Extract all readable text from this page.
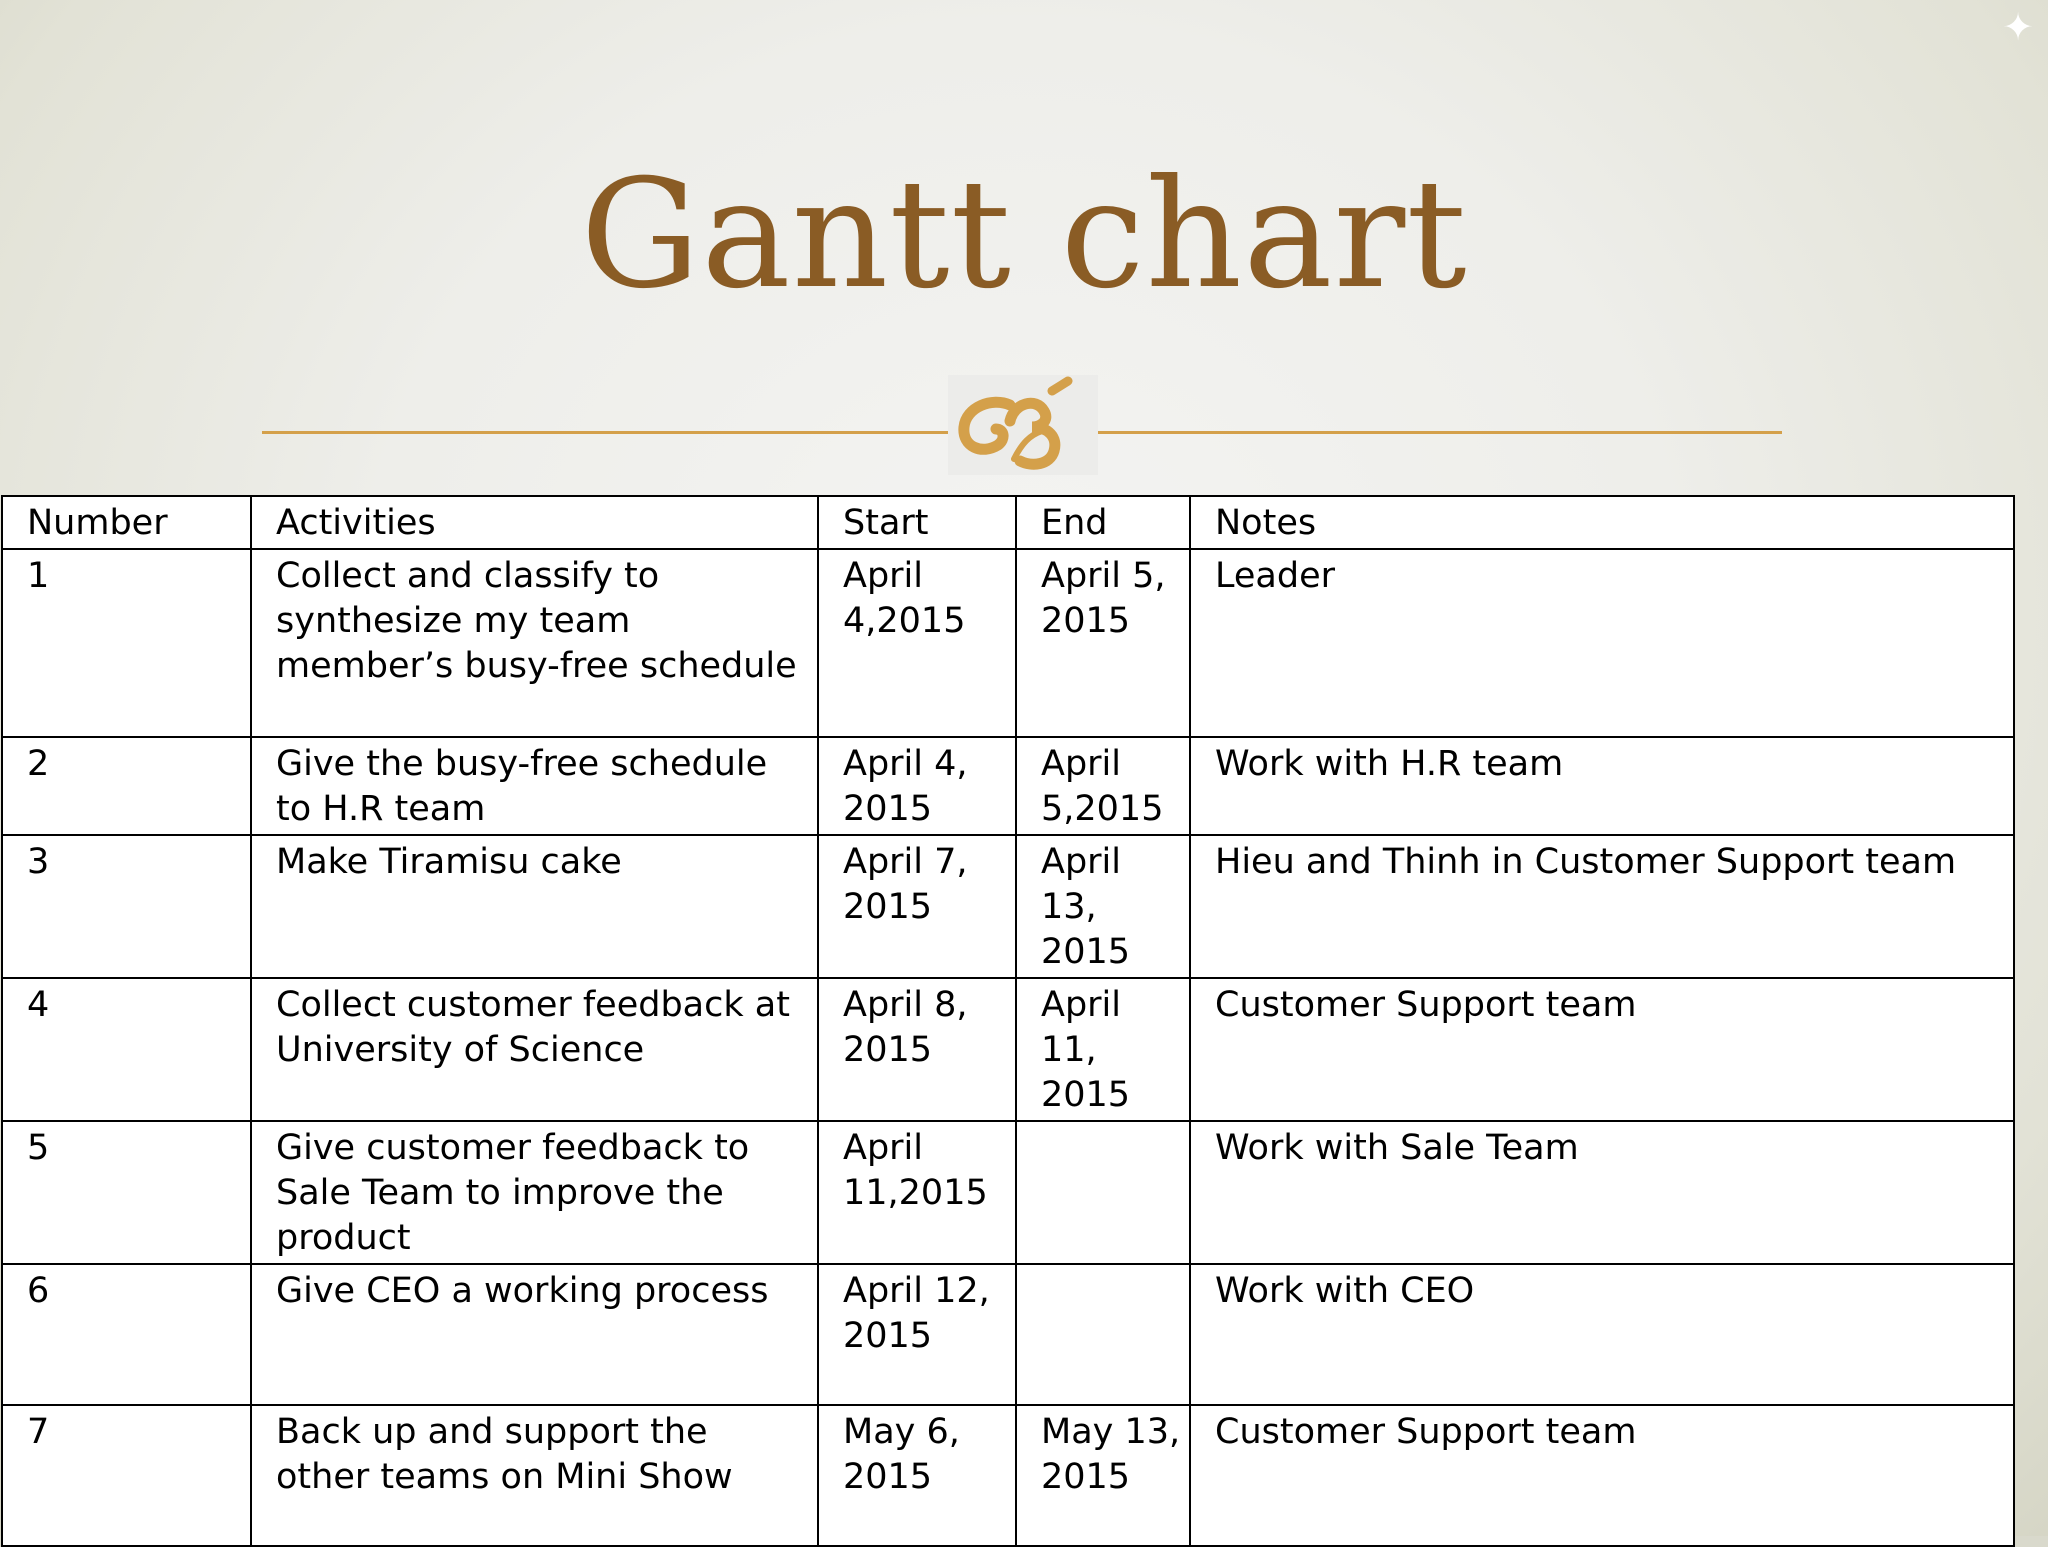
✦
Gantt chart
Number	Activities	Start	End	Notes
1	Collect and classify to synthesize my team member’s busy-free schedule	April 4,2015	April 5, 2015	Leader
2	Give the busy-free schedule to H.R team	April 4, 2015	April 5,2015	Work with H.R team
3	Make Tiramisu cake	April 7, 2015	April 13, 2015	Hieu and Thinh in Customer Support team
4	Collect customer feedback at University of Science	April 8, 2015	April 11, 2015	Customer Support team
5	Give customer feedback to Sale Team to improve the product	April 11,2015		Work with Sale Team
6	Give CEO a working process	April 12, 2015		Work with CEO
7	Back up and support the other teams on Mini Show	May 6, 2015	May 13, 2015	Customer Support team
